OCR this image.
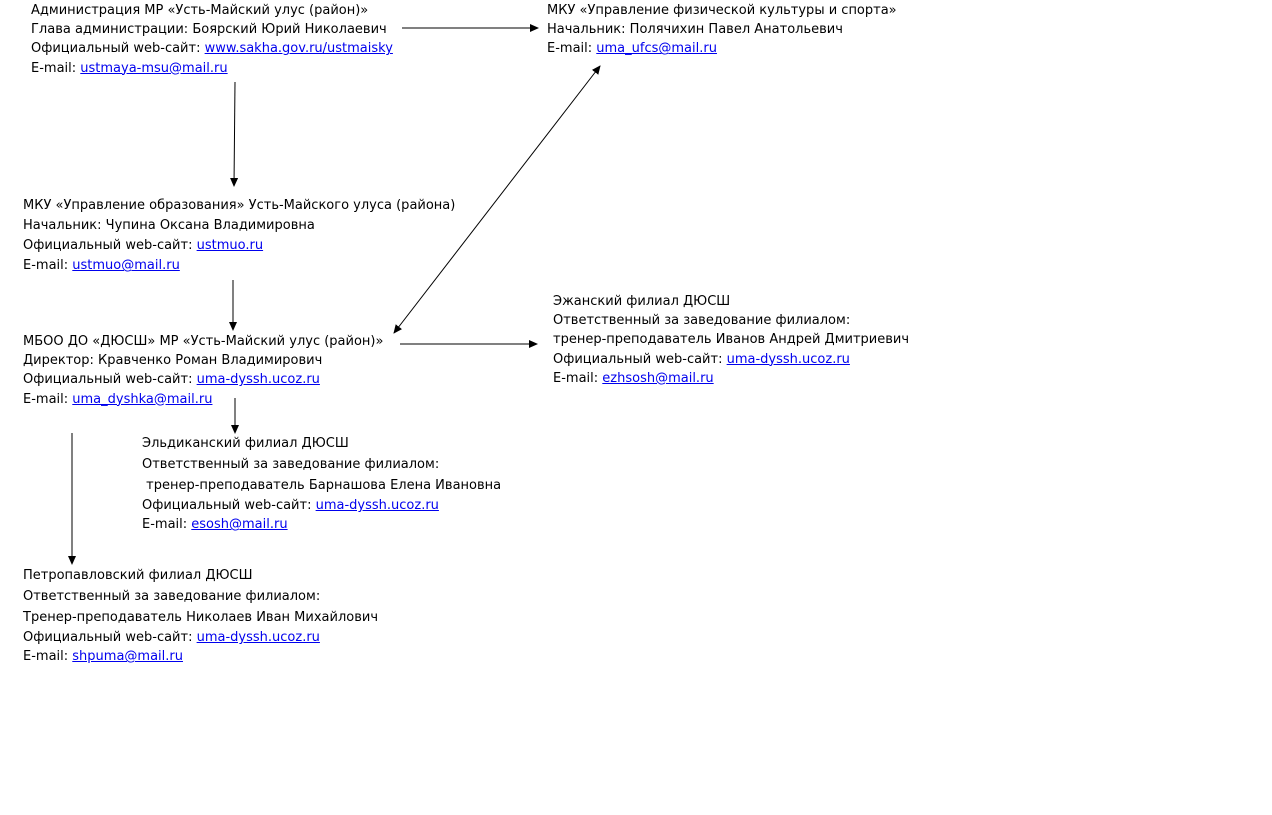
Администрация МР «Усть-Майский улус (район)»
Глава администрации: Боярский Юрий Николаевич
Официальный web-сайт: www.sakha.gov.ru/ustmaisky
E-mail: ustmaya-msu@mail.ru
МКУ «Управление физической культуры и спорта»
Начальник: Полячихин Павел Анатольевич
E-mail: uma_ufcs@mail.ru
МКУ «Управление образования» Усть-Майского улуса (района)
Начальник: Чупина Оксана Владимировна
Официальный web-сайт: ustmuo.ru
E-mail: ustmuo@mail.ru
МБОО ДО «ДЮСШ» МР «Усть-Майский улус (район)»
Директор: Кравченко Роман Владимирович
Официальный web-сайт: uma-dyssh.ucoz.ru
E-mail: uma_dyshka@mail.ru
Эжанский филиал ДЮСШ
Ответственный за заведование филиалом:
тренер-преподаватель Иванов Андрей Дмитриевич
Официальный web-сайт: uma-dyssh.ucoz.ru
E-mail: ezhsosh@mail.ru
Эльдиканский филиал ДЮСШ
Ответственный за заведование филиалом:
тренер-преподаватель Барнашова Елена Ивановна
Официальный web-сайт: uma-dyssh.ucoz.ru
E-mail: esosh@mail.ru
Петропавловский филиал ДЮСШ
Ответственный за заведование филиалом:
Тренер-преподаватель Николаев Иван Михайлович
Официальный web-сайт: uma-dyssh.ucoz.ru
E-mail: shpuma@mail.ru
